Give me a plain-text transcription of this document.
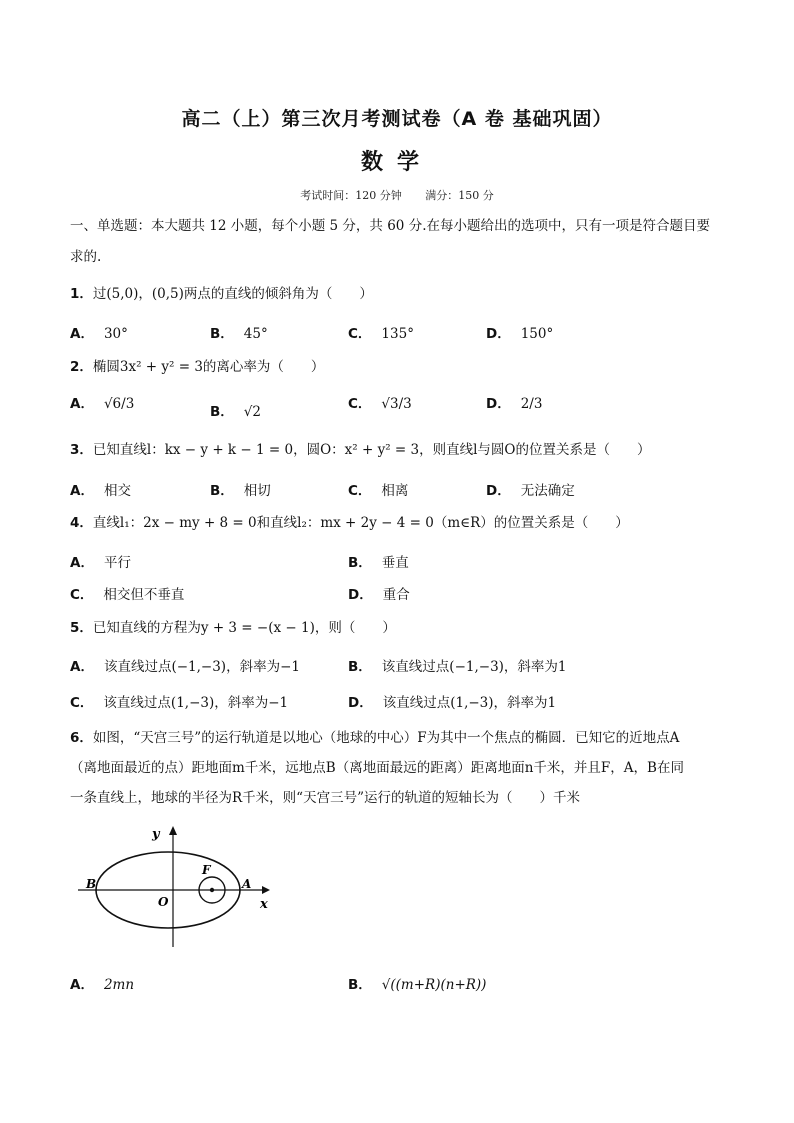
高二（上）第三次月考测试卷（A 卷 基础巩固）
数学
考试时间：120 分钟 满分：150 分
一、单选题：本大题共 12 小题，每个小题 5 分，共 60 分.在每小题给出的选项中，只有一项是符合题目要
求的.
1．过(5,0)，(0,5)两点的直线的倾斜角为（　　）
A． 30°	B． 45°	C． 135°	D． 150°
2．椭圆3x² + y² = 3的离心率为（　　）
A． √6/3	B． √2	C． √3/3	D． 2/3
3．已知直线l：kx − y + k − 1 = 0，圆O：x² + y² = 3，则直线l与圆O的位置关系是（　　）
A． 相交	B． 相切	C． 相离	D． 无法确定
4．直线l₁：2x − my + 8 = 0和直线l₂：mx + 2y − 4 = 0（m∈R）的位置关系是（　　）
A． 平行	B． 垂直
C． 相交但不垂直	D． 重合
5．已知直线的方程为y + 3 = −(x − 1)，则（　　）
A． 该直线过点(−1,−3)，斜率为−1	B． 该直线过点(−1,−3)，斜率为1
C． 该直线过点(1,−3)，斜率为−1	D． 该直线过点(1,−3)，斜率为1
6．如图，“天宫三号”的运行轨道是以地心（地球的中心）F为其中一个焦点的椭圆．已知它的近地点A
（离地面最近的点）距地面m千米，远地点B（离地面最远的距离）距离地面n千米，并且F，A，B在同
一条直线上，地球的半径为R千米，则“天宫三号”运行的轨道的短轴长为（　　）千米
y
x
B	A
F
O
A． 2mn	B． √((m+R)(n+R))
